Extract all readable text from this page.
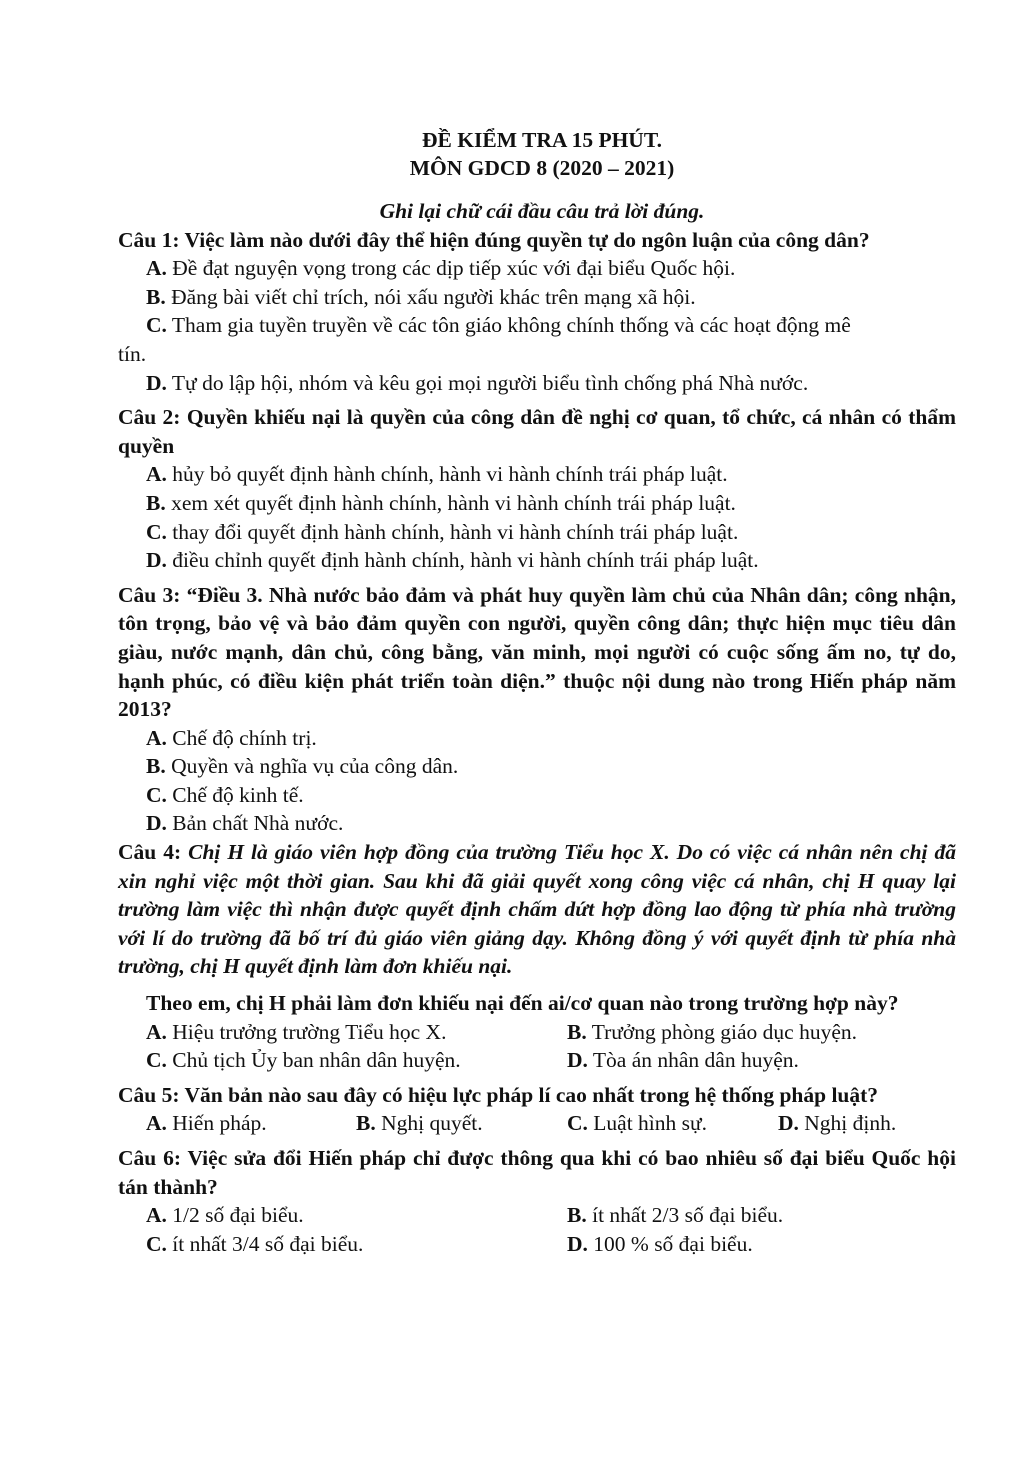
ĐỀ KIỂM TRA 15 PHÚT.
MÔN GDCD 8 (2020 – 2021)
Ghi lại chữ cái đầu câu trả lời đúng.
Câu 1: Việc làm nào dưới đây thể hiện đúng quyền tự do ngôn luận của công dân?
A. Đề đạt nguyện vọng trong các dịp tiếp xúc với đại biểu Quốc hội.
B. Đăng bài viết chỉ trích, nói xấu người khác trên mạng xã hội.
C. Tham gia tuyền truyền về các tôn giáo không chính thống và các hoạt động mê
tín.
D. Tự do lập hội, nhóm và kêu gọi mọi người biểu tình chống phá Nhà nước.
Câu 2: Quyền khiếu nại là quyền của công dân đề nghị cơ quan, tổ chức, cá nhân có thẩm quyền
A. hủy bỏ quyết định hành chính, hành vi hành chính trái pháp luật.
B. xem xét quyết định hành chính, hành vi hành chính trái pháp luật.
C. thay đổi quyết định hành chính, hành vi hành chính trái pháp luật.
D. điều chỉnh quyết định hành chính, hành vi hành chính trái pháp luật.
Câu 3: “Điều 3. Nhà nước bảo đảm và phát huy quyền làm chủ của Nhân dân; công nhận, tôn trọng, bảo vệ và bảo đảm quyền con người, quyền công dân; thực hiện mục tiêu dân giàu, nước mạnh, dân chủ, công bằng, văn minh, mọi người có cuộc sống ấm no, tự do, hạnh phúc, có điều kiện phát triển toàn diện.” thuộc nội dung nào trong Hiến pháp năm 2013?
A. Chế độ chính trị.
B. Quyền và nghĩa vụ của công dân.
C. Chế độ kinh tế.
D. Bản chất Nhà nước.
Câu 4: Chị H là giáo viên hợp đồng của trường Tiểu học X. Do có việc cá nhân nên chị đã xin nghỉ việc một thời gian. Sau khi đã giải quyết xong công việc cá nhân, chị H quay lại trường làm việc thì nhận được quyết định chấm dứt hợp đồng lao động từ phía nhà trường với lí do trường đã bố trí đủ giáo viên giảng dạy. Không đồng ý với quyết định từ phía nhà trường, chị H quyết định làm đơn khiếu nại.
Theo em, chị H phải làm đơn khiếu nại đến ai/cơ quan nào trong trường hợp này?
A. Hiệu trưởng trường Tiểu học X.	B. Trưởng phòng giáo dục huyện.
C. Chủ tịch Ủy ban nhân dân huyện.	D. Tòa án nhân dân huyện.
Câu 5: Văn bản nào sau đây có hiệu lực pháp lí cao nhất trong hệ thống pháp luật?
A. Hiến pháp.	B. Nghị quyết.	C. Luật hình sự.	D. Nghị định.
Câu 6: Việc sửa đổi Hiến pháp chỉ được thông qua khi có bao nhiêu số đại biểu Quốc hội tán thành?
A. 1/2 số đại biểu.	B. ít nhất 2/3 số đại biểu.
C. ít nhất 3/4 số đại biểu.	D. 100 % số đại biểu.
